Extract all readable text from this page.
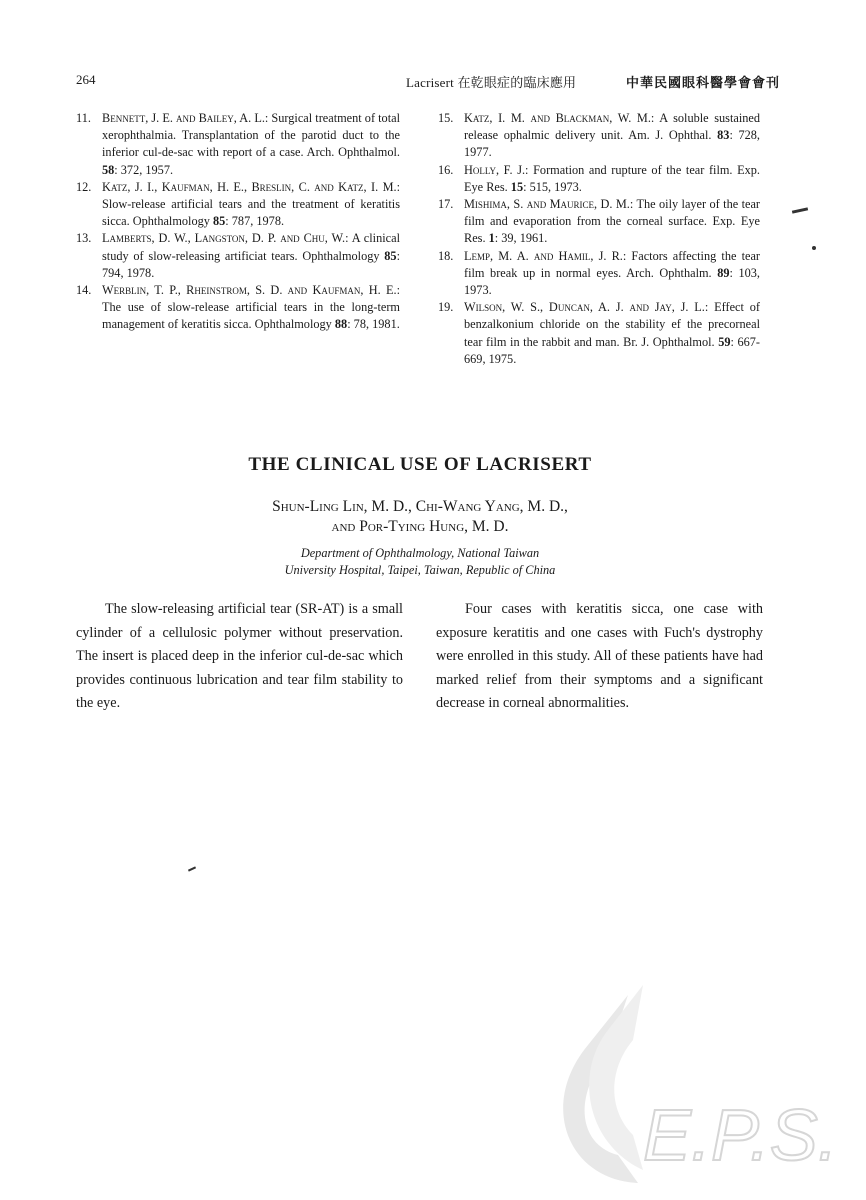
264	Lacrisert 在乾眼症的臨床應用	中華民國眼科醫學會會刊
11. Bennett, J. E. and Bailey, A. L.: Surgical treatment of total xerophthalmia. Transplantation of the parotid duct to the inferior cul-de-sac with report of a case. Arch. Ophthalmol. 58: 372, 1957.
12. Katz, J. I., Kaufman, H. E., Breslin, C. and Katz, I. M.: Slow-release artificial tears and the treatment of keratitis sicca. Ophthalmology 85: 787, 1978.
13. Lamberts, D. W., Langston, D. P. and Chu, W.: A clinical study of slow-releasing artificiat tears. Ophthalmology 85: 794, 1978.
14. Werblin, T. P., Rheinstrom, S. D. and Kaufman, H. E.: The use of slow-release artificial tears in the long-term management of keratitis sicca. Ophthalmology 88: 78, 1981.
15. Katz, I. M. and Blackman, W. M.: A soluble sustained release ophalmic delivery unit. Am. J. Ophthal. 83: 728, 1977.
16. Holly, F. J.: Formation and rupture of the tear film. Exp. Eye Res. 15: 515, 1973.
17. Mishima, S. and Maurice, D. M.: The oily layer of the tear film and evaporation from the corneal surface. Exp. Eye Res. 1: 39, 1961.
18. Lemp, M. A. and Hamil, J. R.: Factors affecting the tear film break up in normal eyes. Arch. Ophthalm. 89: 103, 1973.
19. Wilson, W. S., Duncan, A. J. and Jay, J. L.: Effect of benzalkonium chloride on the stability ef the precorneal tear film in the rabbit and man. Br. J. Ophthalmol. 59: 667-669, 1975.
THE CLINICAL USE OF LACRISERT
Shun-Ling Lin, M. D., Chi-Wang Yang, M. D.,
and Por-Tying Hung, M. D.
Department of Ophthalmology, National Taiwan
University Hospital, Taipei, Taiwan, Republic of China

The slow-releasing artificial tear (SR-AT) is a small cylinder of a cellulosic polymer without preservation. The insert is placed deep in the inferior cul-de-sac which provides continuous lubrication and tear film stability to the eye.

Four cases with keratitis sicca, one case with exposure keratitis and one cases with Fuch's dystrophy were enrolled in this study. All of these patients have had marked relief from their symptoms and a significant decrease in corneal abnormalities.

E.P.S.
